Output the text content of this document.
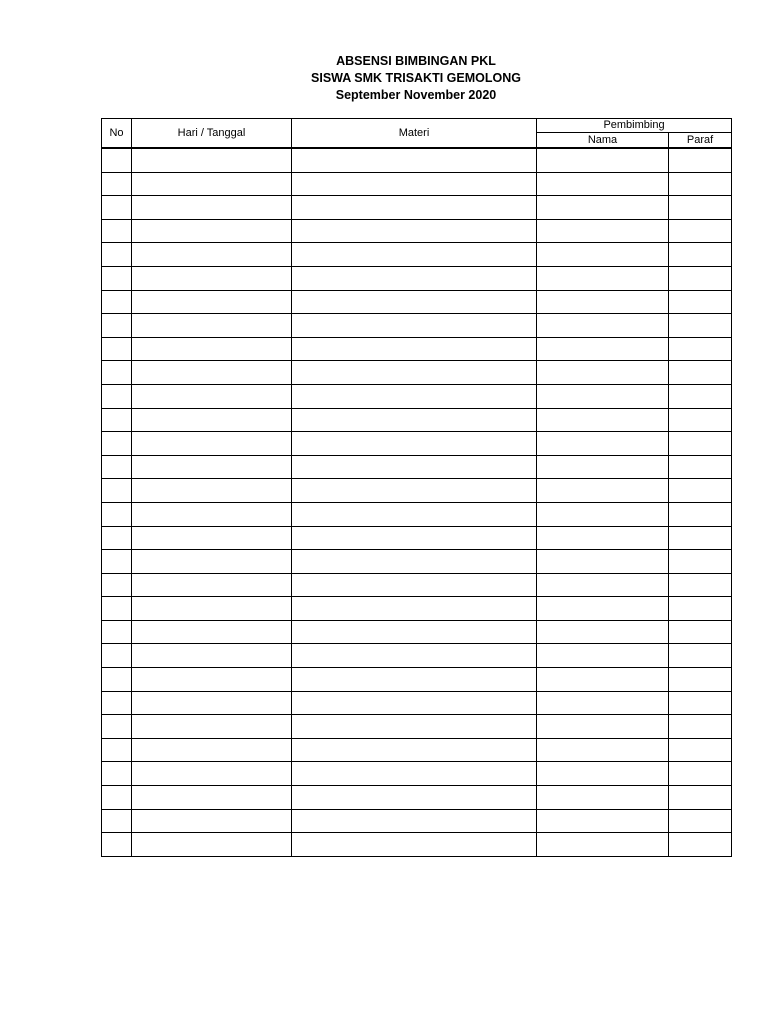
ABSENSI BIMBINGAN PKL
SISWA SMK TRISAKTI GEMOLONG
September November 2020
No	Hari / Tanggal	Materi	Pembimbing	
			Nama	Paraf
